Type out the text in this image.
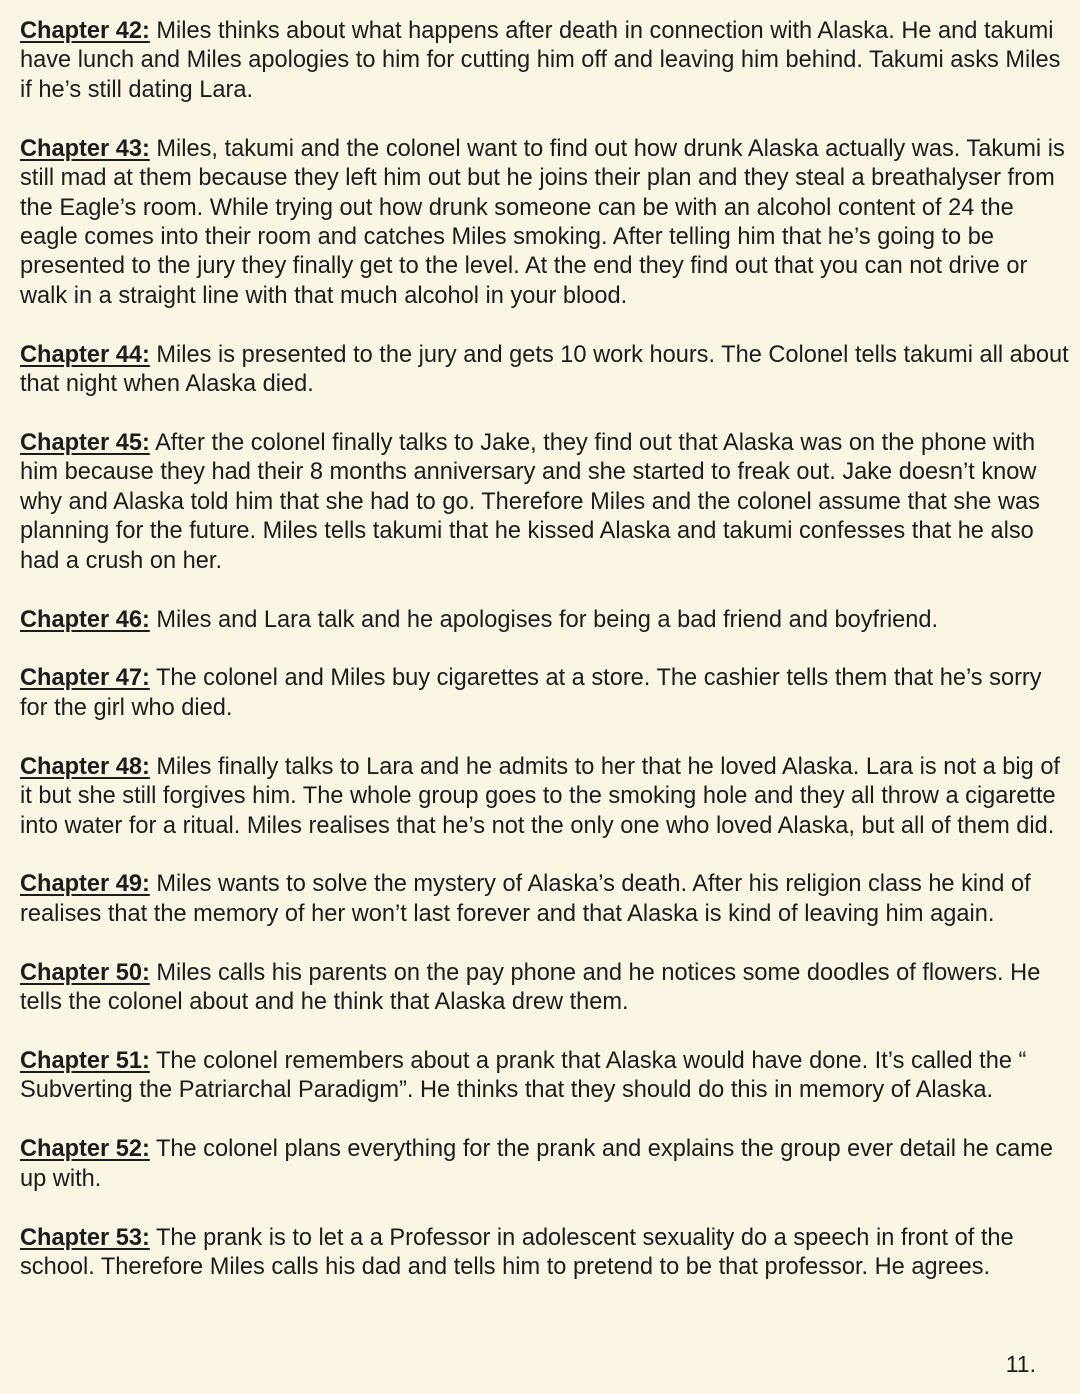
Chapter 42: Miles thinks about what happens after death in connection with Alaska. He and takumi have lunch and Miles apologies to him for cutting him off and leaving him behind. Takumi asks Miles if he’s still dating Lara.

Chapter 43: Miles, takumi and the colonel want to find out how drunk Alaska actually was. Takumi is still mad at them because they left him out but he joins their plan and they steal a breathalyser from the Eagle’s room. While trying out how drunk someone can be with an alcohol content of 24 the eagle comes into their room and catches Miles smoking. After telling him that he’s going to be presented to the jury they finally get to the level. At the end they find out that you can not drive or walk in a straight line with that much alcohol in your blood.

Chapter 44: Miles is presented to the jury and gets 10 work hours. The Colonel tells takumi all about that night when Alaska died.

Chapter 45: After the colonel finally talks to Jake, they find out that Alaska was on the phone with him because they had their 8 months anniversary and she started to freak out. Jake doesn’t know why and Alaska told him that she had to go. Therefore Miles and the colonel assume that she was planning for the future. Miles tells takumi that he kissed Alaska and takumi confesses that he also had a crush on her.

Chapter 46: Miles and Lara talk and he apologises for being a bad friend and boyfriend.

Chapter 47: The colonel and Miles buy cigarettes at a store. The cashier tells them that he’s sorry for the girl who died.

Chapter 48: Miles finally talks to Lara and he admits to her that he loved Alaska. Lara is not a big of it but she still forgives him. The whole group goes to the smoking hole and they all throw a cigarette into water for a ritual. Miles realises that he’s not the only one who loved Alaska, but all of them did.

Chapter 49: Miles wants to solve the mystery of Alaska’s death. After his religion class he kind of realises that the memory of her won’t last forever and that Alaska is kind of leaving him again.

Chapter 50: Miles calls his parents on the pay phone and he notices some doodles of flowers. He tells the colonel about and he think that Alaska drew them.

Chapter 51: The colonel remembers about a prank that Alaska would have done. It’s called the “ Subverting the Patriarchal Paradigm”. He thinks that they should do this in memory of Alaska.

Chapter 52: The colonel plans everything for the prank and explains the group ever detail he came up with.

Chapter 53: The prank is to let a a Professor in adolescent sexuality do a speech in front of the school. Therefore Miles calls his dad and tells him to pretend to be that professor. He agrees.

11.
